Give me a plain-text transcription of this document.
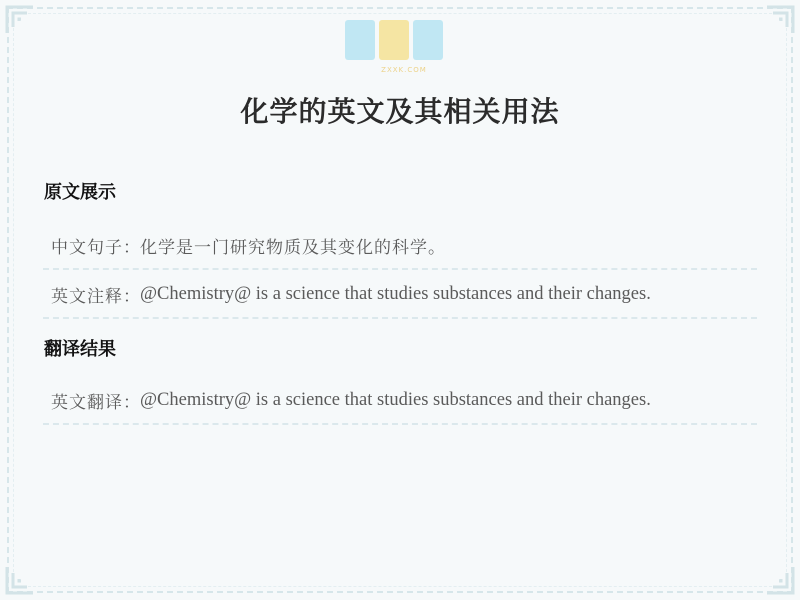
ZXXK.COM
化学的英文及其相关用法
原文展示
中文句子 ： 化学是一门研究物质及其变化的科学。
英文注释 ： @Chemistry@ is a science that studies substances and their changes.
翻译结果
英文翻译 ： @Chemistry@ is a science that studies substances and their changes.
